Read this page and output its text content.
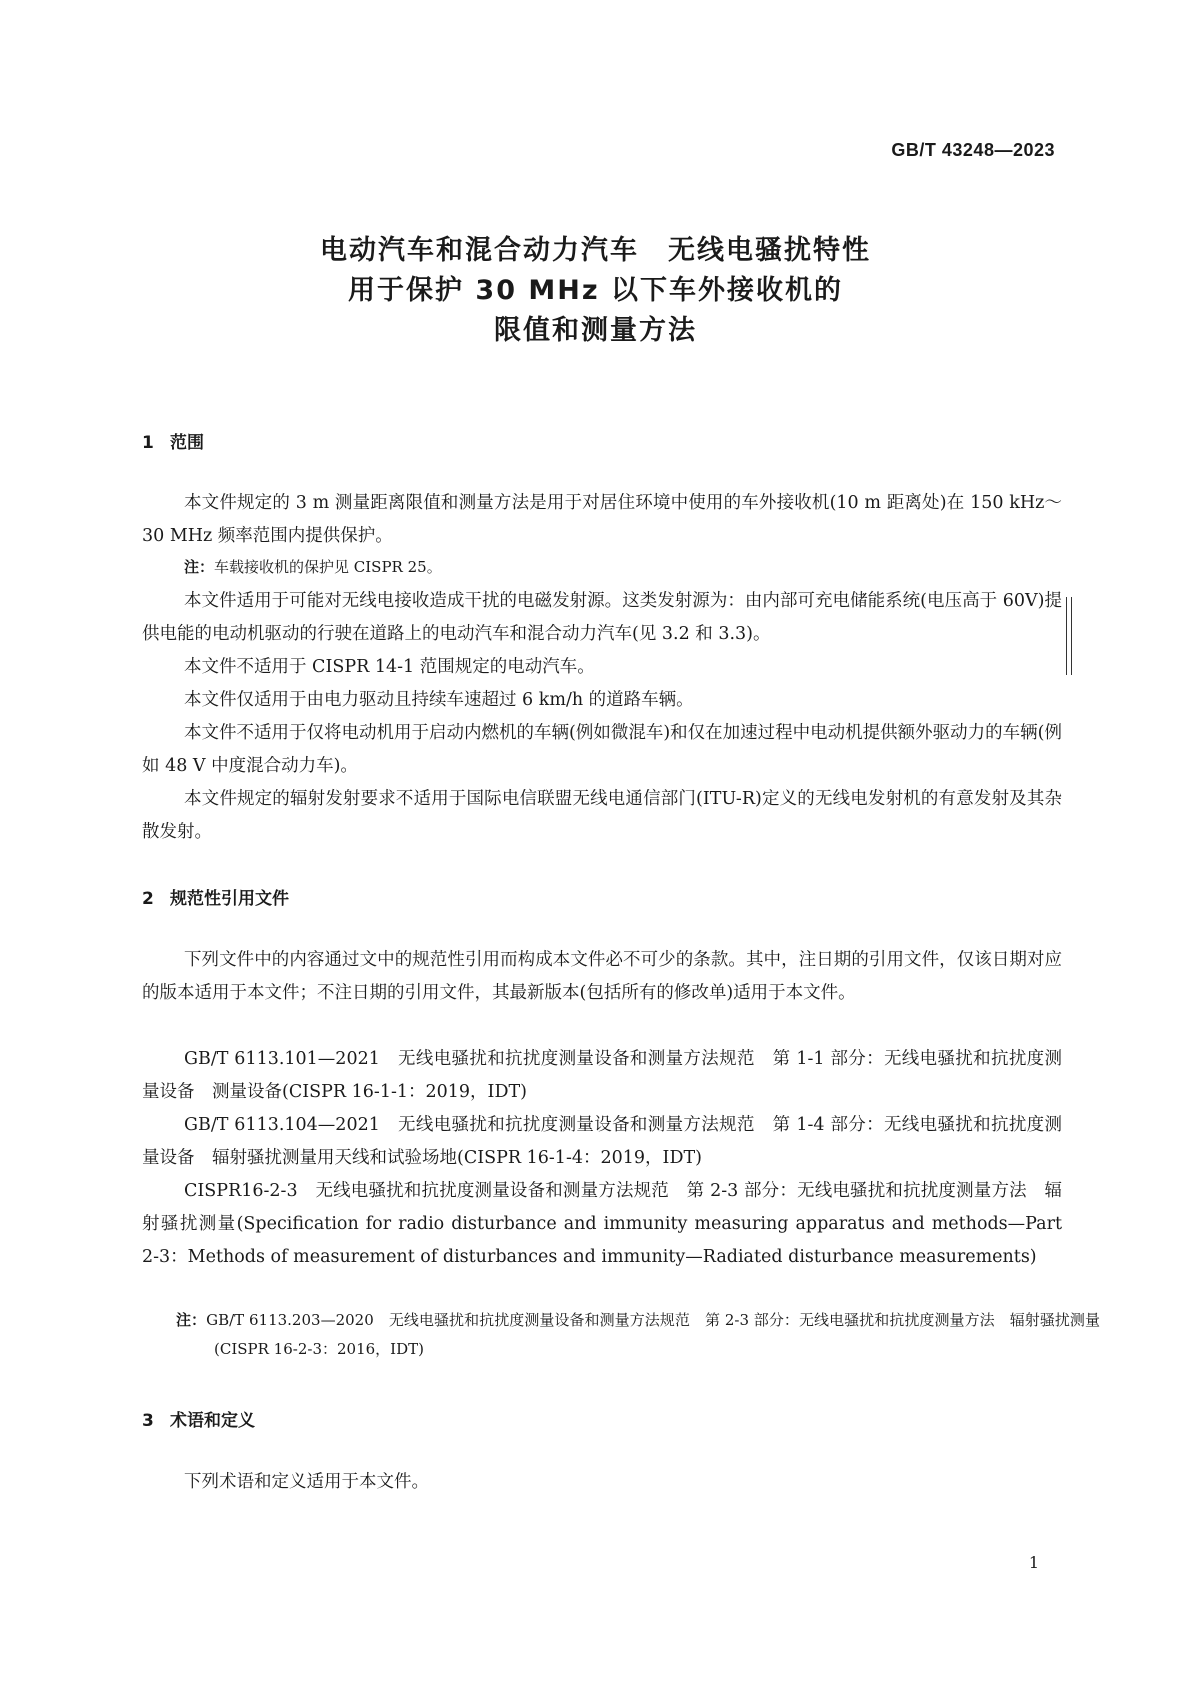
GB/T 43248—2023
电动汽车和混合动力汽车　无线电骚扰特性
用于保护 30 MHz 以下车外接收机的
限值和测量方法
1 范围

本文件规定的 3 m 测量距离限值和测量方法是用于对居住环境中使用的车外接收机(10 m 距离处)在 150 kHz～30 MHz 频率范围内提供保护。

注：车载接收机的保护见 CISPR 25。

本文件适用于可能对无线电接收造成干扰的电磁发射源。这类发射源为：由内部可充电储能系统(电压高于 60V)提供电能的电动机驱动的行驶在道路上的电动汽车和混合动力汽车(见 3.2 和 3.3)。

本文件不适用于 CISPR 14-1 范围规定的电动汽车。

本文件仅适用于由电力驱动且持续车速超过 6 km/h 的道路车辆。

本文件不适用于仅将电动机用于启动内燃机的车辆(例如微混车)和仅在加速过程中电动机提供额外驱动力的车辆(例如 48 V 中度混合动力车)。

本文件规定的辐射发射要求不适用于国际电信联盟无线电通信部门(ITU-R)定义的无线电发射机的有意发射及其杂散发射。

2 规范性引用文件

下列文件中的内容通过文中的规范性引用而构成本文件必不可少的条款。其中，注日期的引用文件，仅该日期对应的版本适用于本文件；不注日期的引用文件，其最新版本(包括所有的修改单)适用于本文件。

GB/T 6113.101—2021　无线电骚扰和抗扰度测量设备和测量方法规范　第 1-1 部分：无线电骚扰和抗扰度测量设备　测量设备(CISPR 16-1-1：2019，IDT)

GB/T 6113.104—2021　无线电骚扰和抗扰度测量设备和测量方法规范　第 1-4 部分：无线电骚扰和抗扰度测量设备　辐射骚扰测量用天线和试验场地(CISPR 16-1-4：2019，IDT)

CISPR16-2-3　无线电骚扰和抗扰度测量设备和测量方法规范　第 2-3 部分：无线电骚扰和抗扰度测量方法　辐射骚扰测量(Specification for radio disturbance and immunity measuring apparatus and methods—Part 2-3：Methods of measurement of disturbances and immunity—Radiated disturbance measurements)

注：GB/T 6113.203—2020　无线电骚扰和抗扰度测量设备和测量方法规范　第 2-3 部分：无线电骚扰和抗扰度测量方法　辐射骚扰测量(CISPR 16-2-3：2016，IDT)

3 术语和定义

下列术语和定义适用于本文件。

1
